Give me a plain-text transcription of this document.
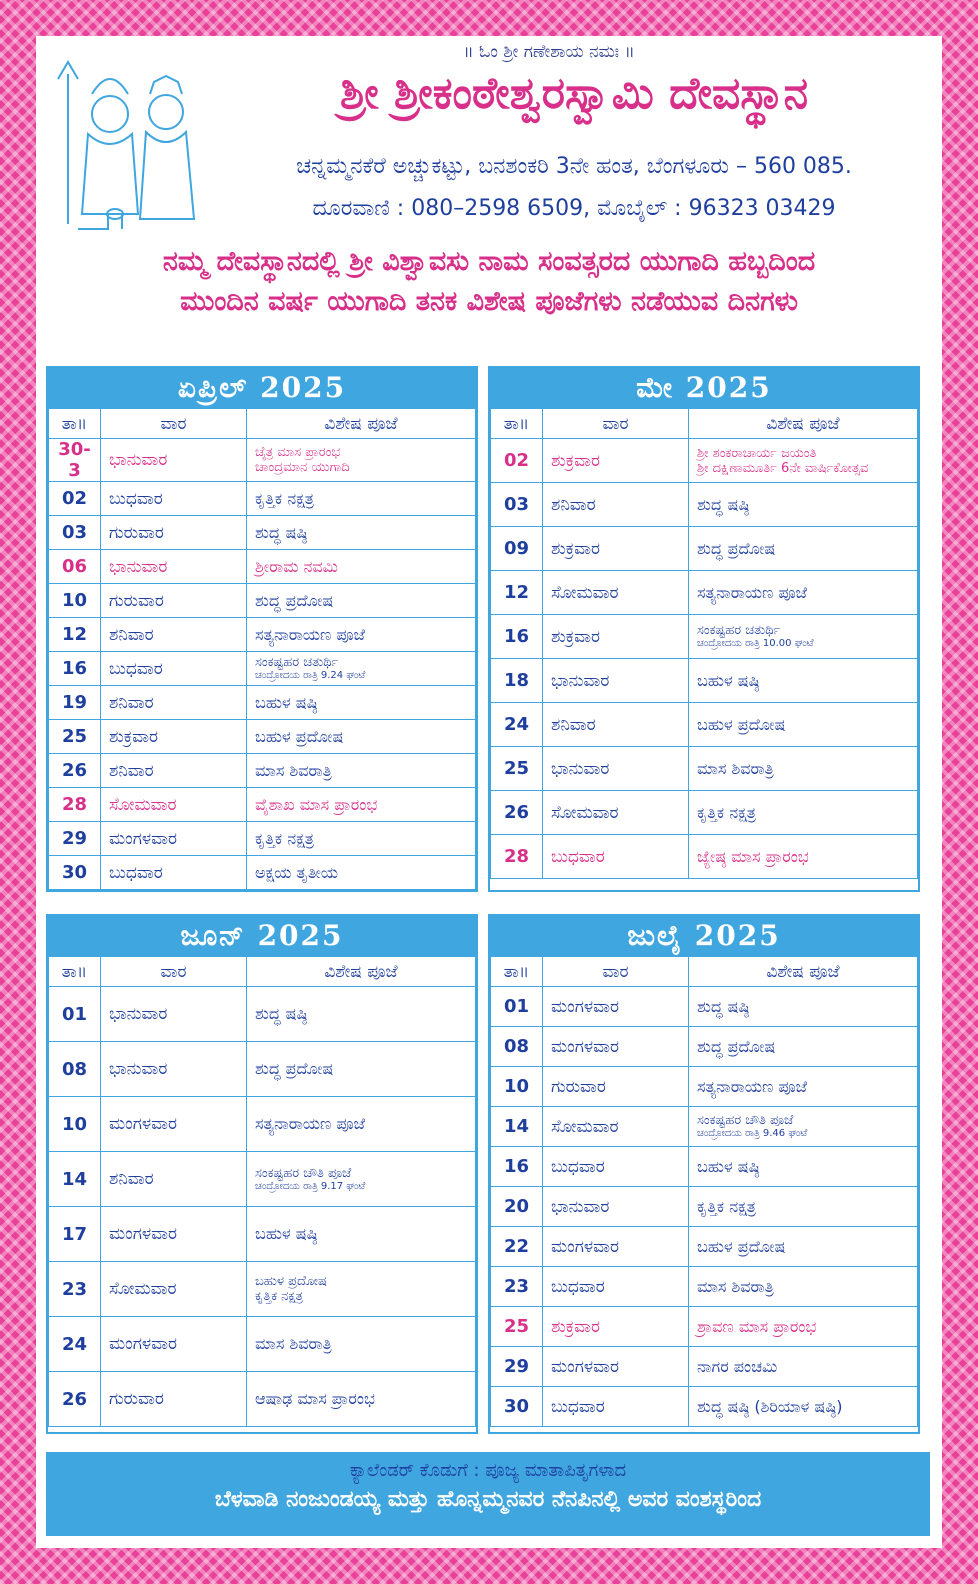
॥ ಓಂ ಶ್ರೀ ಗಣೇಶಾಯ ನಮಃ ॥
ಶ್ರೀ ಶ್ರೀಕಂಠೇಶ್ವರಸ್ವಾಮಿ ದೇವಸ್ಥಾನ
ಚನ್ನಮ್ಮನಕೆರೆ ಅಚ್ಚುಕಟ್ಟು, ಬನಶಂಕರಿ 3ನೇ ಹಂತ, ಬೆಂಗಳೂರು – 560 085.
ದೂರವಾಣಿ : 080–2598 6509, ಮೊಬೈಲ್ : 96323 03429
ನಮ್ಮ ದೇವಸ್ಥಾನದಲ್ಲಿ ಶ್ರೀ ವಿಶ್ವಾವಸು ನಾಮ ಸಂವತ್ಸರದ ಯುಗಾದಿ ಹಬ್ಬದಿಂದ
ಮುಂದಿನ ವರ್ಷ ಯುಗಾದಿ ತನಕ ವಿಶೇಷ ಪೂಜೆಗಳು ನಡೆಯುವ ದಿನಗಳು
ಏಪ್ರಿಲ್ 2025
ತಾ॥	ವಾರ	ವಿಶೇಷ ಪೂಜೆ
30-3	ಭಾನುವಾರ	ಚೈತ್ರ ಮಾಸ ಪ್ರಾರಂಭ
ಚಾಂದ್ರಮಾನ ಯುಗಾದಿ

02	ಬುಧವಾರ	ಕೃತ್ತಿಕ ನಕ್ಷತ್ರ
03	ಗುರುವಾರ	ಶುದ್ಧ ಷಷ್ಠಿ
06	ಭಾನುವಾರ	ಶ್ರೀರಾಮ ನವಮಿ
10	ಗುರುವಾರ	ಶುದ್ಧ ಪ್ರದೋಷ
12	ಶನಿವಾರ	ಸತ್ಯನಾರಾಯಣ ಪೂಜೆ
16	ಬುಧವಾರ	ಸಂಕಷ್ಟಹರ ಚತುರ್ಥಿ
ಚಂದ್ರೋದಯ ರಾತ್ರಿ 9.24 ಘಂಟೆ

19	ಶನಿವಾರ	ಬಹುಳ ಷಷ್ಠಿ
25	ಶುಕ್ರವಾರ	ಬಹುಳ ಪ್ರದೋಷ
26	ಶನಿವಾರ	ಮಾಸ ಶಿವರಾತ್ರಿ
28	ಸೋಮವಾರ	ವೈಶಾಖ ಮಾಸ ಪ್ರಾರಂಭ
29	ಮಂಗಳವಾರ	ಕೃತ್ತಿಕ ನಕ್ಷತ್ರ
30	ಬುಧವಾರ	ಅಕ್ಷಯ ತೃತೀಯ
ಮೇ 2025
ತಾ॥	ವಾರ	ವಿಶೇಷ ಪೂಜೆ
02	ಶುಕ್ರವಾರ	ಶ್ರೀ ಶಂಕರಾಚಾರ್ಯ ಜಯಂತಿ
ಶ್ರೀ ದಕ್ಷಿಣಾಮೂರ್ತಿ 6ನೇ ವಾರ್ಷಿಕೋತ್ಸವ

03	ಶನಿವಾರ	ಶುದ್ಧ ಷಷ್ಠಿ
09	ಶುಕ್ರವಾರ	ಶುದ್ಧ ಪ್ರದೋಷ
12	ಸೋಮವಾರ	ಸತ್ಯನಾರಾಯಣ ಪೂಜೆ
16	ಶುಕ್ರವಾರ	ಸಂಕಷ್ಟಹರ ಚತುರ್ಥಿ
ಚಂದ್ರೋದಯ ರಾತ್ರಿ 10.00 ಘಂಟೆ

18	ಭಾನುವಾರ	ಬಹುಳ ಷಷ್ಠಿ
24	ಶನಿವಾರ	ಬಹುಳ ಪ್ರದೋಷ
25	ಭಾನುವಾರ	ಮಾಸ ಶಿವರಾತ್ರಿ
26	ಸೋಮವಾರ	ಕೃತ್ತಿಕ ನಕ್ಷತ್ರ
28	ಬುಧವಾರ	ಜ್ಯೇಷ್ಠ ಮಾಸ ಪ್ರಾರಂಭ
ಜೂನ್ 2025
ತಾ॥	ವಾರ	ವಿಶೇಷ ಪೂಜೆ
01	ಭಾನುವಾರ	ಶುದ್ಧ ಷಷ್ಠಿ
08	ಭಾನುವಾರ	ಶುದ್ಧ ಪ್ರದೋಷ
10	ಮಂಗಳವಾರ	ಸತ್ಯನಾರಾಯಣ ಪೂಜೆ
14	ಶನಿವಾರ	ಸಂಕಷ್ಟಹರ ಚೌತಿ ಪೂಜೆ
ಚಂದ್ರೋದಯ ರಾತ್ರಿ 9.17 ಘಂಟೆ

17	ಮಂಗಳವಾರ	ಬಹುಳ ಷಷ್ಠಿ
23	ಸೋಮವಾರ	ಬಹುಳ ಪ್ರದೋಷ
ಕೃತ್ತಿಕ ನಕ್ಷತ್ರ

24	ಮಂಗಳವಾರ	ಮಾಸ ಶಿವರಾತ್ರಿ
26	ಗುರುವಾರ	ಆಷಾಢ ಮಾಸ ಪ್ರಾರಂಭ
ಜುಲೈ 2025
ತಾ॥	ವಾರ	ವಿಶೇಷ ಪೂಜೆ
01	ಮಂಗಳವಾರ	ಶುದ್ಧ ಷಷ್ಠಿ
08	ಮಂಗಳವಾರ	ಶುದ್ಧ ಪ್ರದೋಷ
10	ಗುರುವಾರ	ಸತ್ಯನಾರಾಯಣ ಪೂಜೆ
14	ಸೋಮವಾರ	ಸಂಕಷ್ಟಹರ ಚೌತಿ ಪೂಜೆ
ಚಂದ್ರೋದಯ ರಾತ್ರಿ 9.46 ಘಂಟೆ

16	ಬುಧವಾರ	ಬಹುಳ ಷಷ್ಠಿ
20	ಭಾನುವಾರ	ಕೃತ್ತಿಕ ನಕ್ಷತ್ರ
22	ಮಂಗಳವಾರ	ಬಹುಳ ಪ್ರದೋಷ
23	ಬುಧವಾರ	ಮಾಸ ಶಿವರಾತ್ರಿ
25	ಶುಕ್ರವಾರ	ಶ್ರಾವಣ ಮಾಸ ಪ್ರಾರಂಭ
29	ಮಂಗಳವಾರ	ನಾಗರ ಪಂಚಮಿ
30	ಬುಧವಾರ	ಶುದ್ಧ ಷಷ್ಠಿ (ಶಿರಿಯಾಳ ಷಷ್ಠಿ)
ಕ್ಯಾಲೆಂಡರ್ ಕೊಡುಗೆ : ಪೂಜ್ಯ ಮಾತಾಪಿತೃಗಳಾದ
ಬೆಳವಾಡಿ ನಂಜುಂಡಯ್ಯ ಮತ್ತು ಹೊನ್ನಮ್ಮನವರ ನೆನಪಿನಲ್ಲಿ ಅವರ ವಂಶಸ್ಥರಿಂದ
